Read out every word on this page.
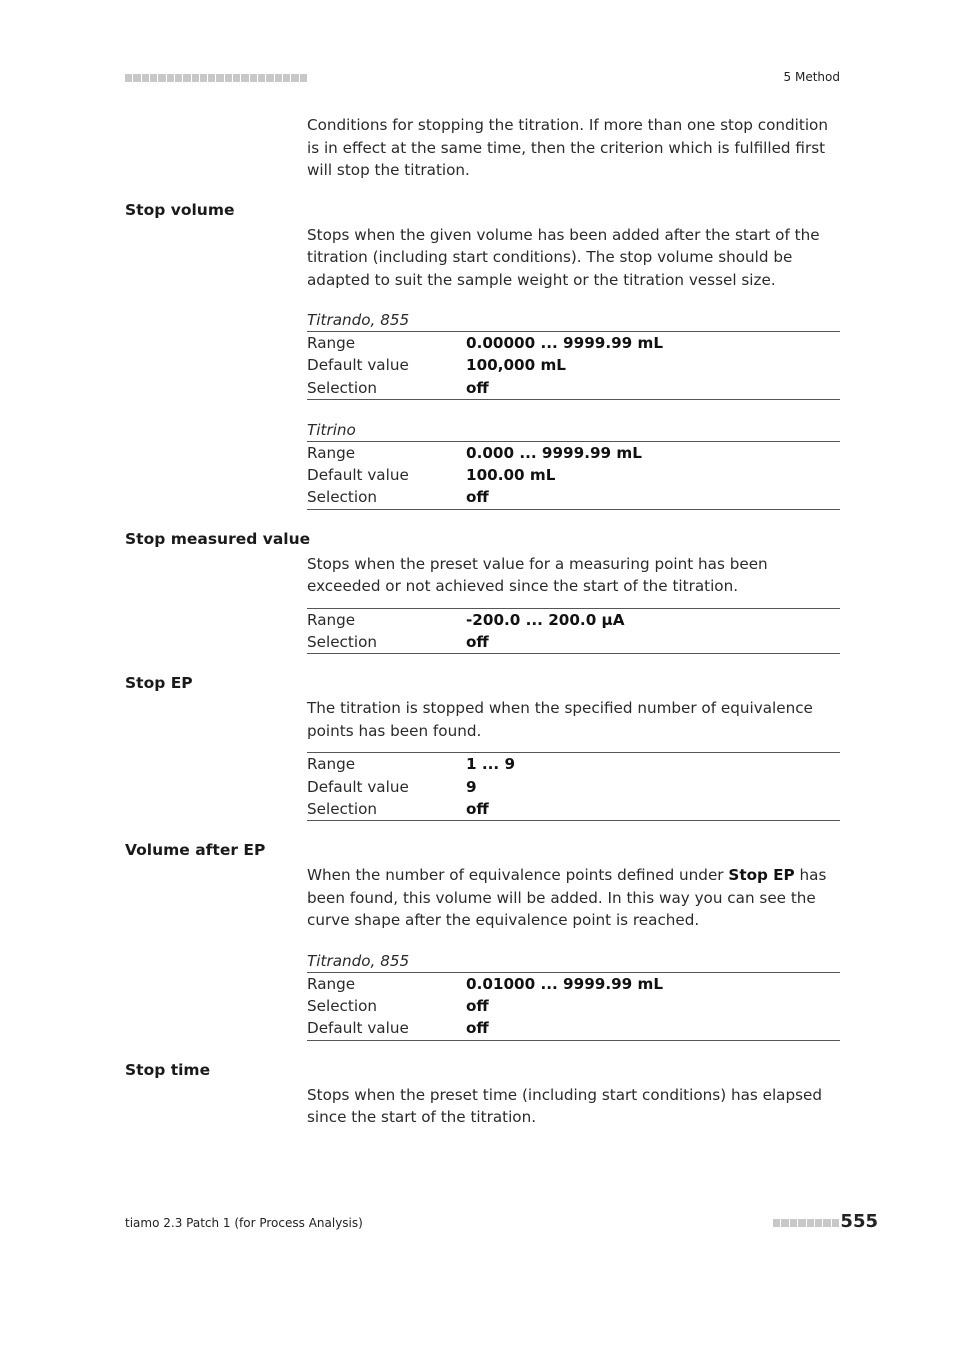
5 Method

Conditions for stopping the titration. If more than one stop condition is in effect at the same time, then the criterion which is fulfilled first will stop the titration.

Stop volume

Stops when the given volume has been added after the start of the titration (including start conditions). The stop volume should be adapted to suit the sample weight or the titration vessel size.

Titrando, 855
Range	0.00000 ... 9999.99 mL
Default value	100,000 mL
Selection	off
Titrino
Range	0.000 ... 9999.99 mL
Default value	100.00 mL
Selection	off
Stop measured value

Stops when the preset value for a measuring point has been exceeded or not achieved since the start of the titration.

Range	-200.0 ... 200.0 µA
Selection	off
Stop EP

The titration is stopped when the specified number of equivalence points has been found.

Range	1 ... 9
Default value	9
Selection	off
Volume after EP

When the number of equivalence points defined under Stop EP has been found, this volume will be added. In this way you can see the curve shape after the equivalence point is reached.

Titrando, 855
Range	0.01000 ... 9999.99 mL
Selection	off
Default value	off
Stop time

Stops when the preset time (including start conditions) has elapsed since the start of the titration.

tiamo 2.3 Patch 1 (for Process Analysis)	555
